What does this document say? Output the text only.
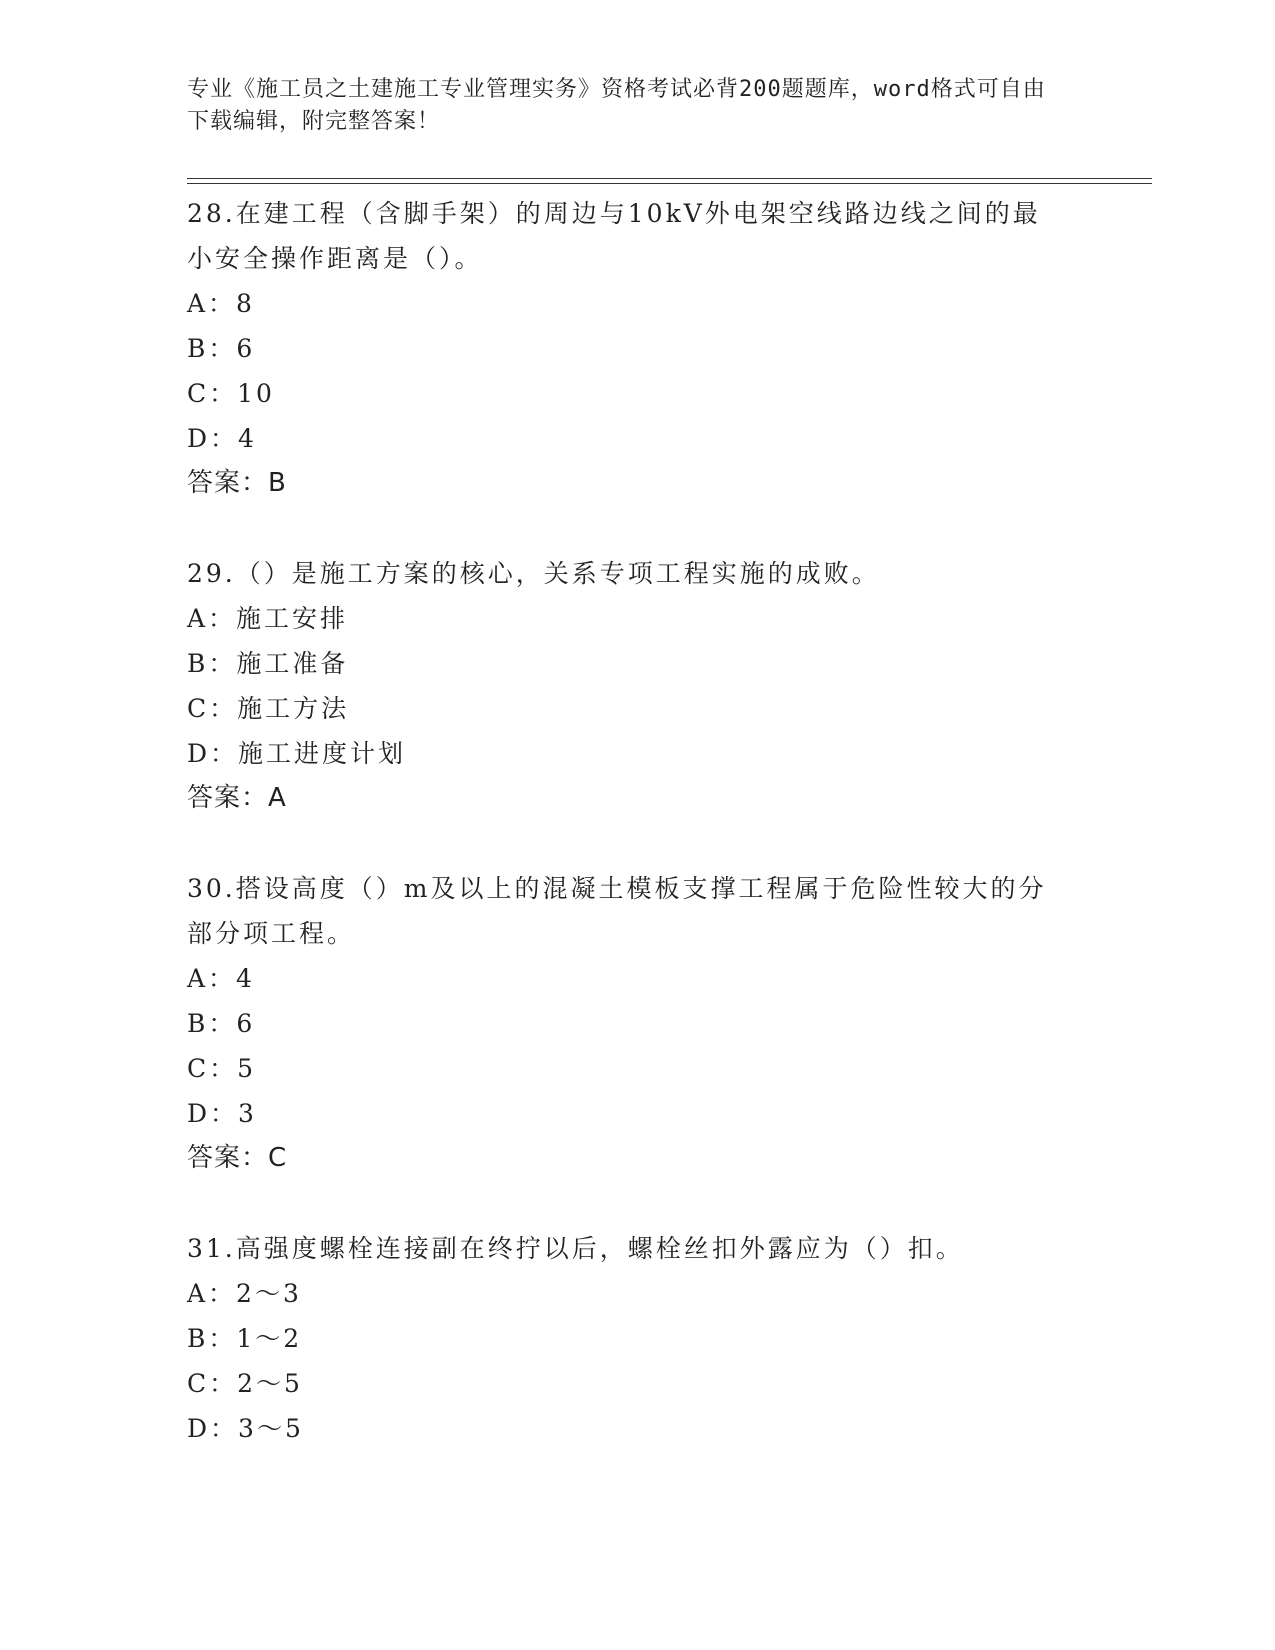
专业《施工员之土建施工专业管理实务》资格考试必背200题题库，word格式可自由下载编辑，附完整答案！
28.在建工程（含脚手架）的周边与10kV外电架空线路边线之间的最小安全操作距离是（）。
A：8
B：6
C：10
D：4
答案：B
29.（）是施工方案的核心，关系专项工程实施的成败。
A：施工安排
B：施工准备
C：施工方法
D：施工进度计划
答案：A
30.搭设高度（）m及以上的混凝土模板支撑工程属于危险性较大的分部分项工程。
A：4
B：6
C：5
D：3
答案：C
31.高强度螺栓连接副在终拧以后，螺栓丝扣外露应为（）扣。
A：2～3
B：1～2
C：2～5
D：3～5
